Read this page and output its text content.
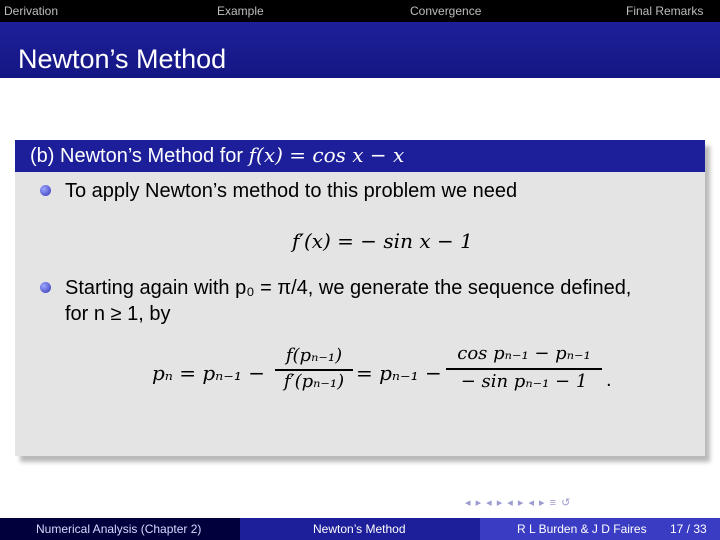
Derivation	Example	Convergence	Final Remarks
Newton’s Method
(b) Newton’s Method for f(x) = cos x − x
To apply Newton’s method to this problem we need
f′(x) = − sin x − 1
Starting again with p₀ = π/4, we generate the sequence defined,
for n ≥ 1, by
pₙ = pₙ₋₁ −
f(pₙ₋₁)
f′(pₙ₋₁) = pₙ₋₁ −
cos pₙ₋₁ − pₙ₋₁
− sin pₙ₋₁ − 1 .
◂ ▸ ◂ ▸ ◂ ▸ ◂ ▸ ≡ ↺
Numerical Analysis (Chapter 2)	Newton’s Method	R L Burden & J D Faires 17 / 33
